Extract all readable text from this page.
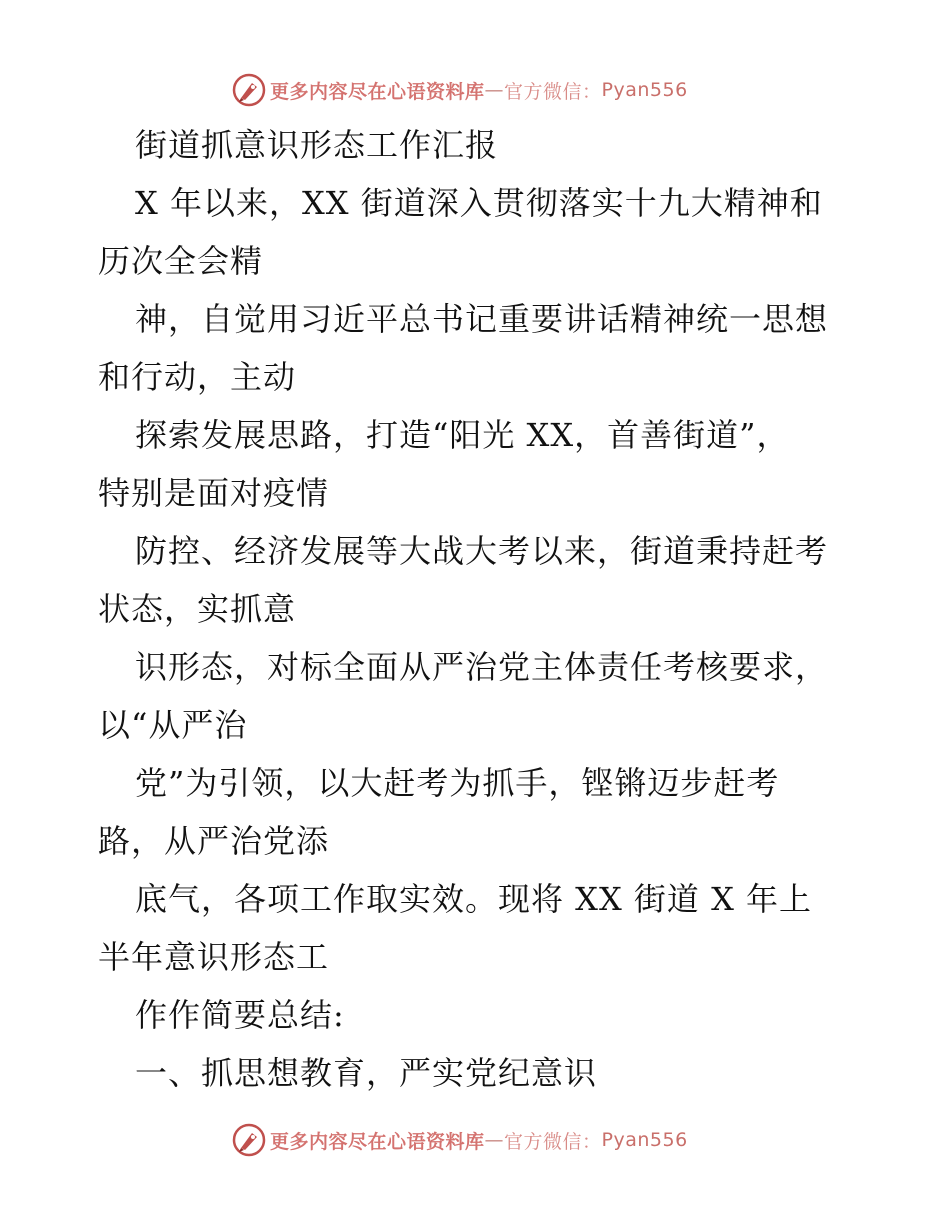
更多内容尽在心语资料库 — 官方微信： Pyan556
街道抓意识形态工作汇报
X 年以来，XX 街道深入贯彻落实十九大精神和
历次全会精
神，自觉用习近平总书记重要讲话精神统一思想
和行动，主动
探索发展思路，打造“阳光 XX，首善街道”，
特别是面对疫情
防控、经济发展等大战大考以来，街道秉持赶考
状态，实抓意
识形态，对标全面从严治党主体责任考核要求，
以“从严治
党”为引领，以大赶考为抓手，铿锵迈步赶考
路，从严治党添
底气，各项工作取实效。现将 XX 街道 X 年上
半年意识形态工
作作简要总结:
一、抓思想教育，严实党纪意识
更多内容尽在心语资料库 — 官方微信： Pyan556
